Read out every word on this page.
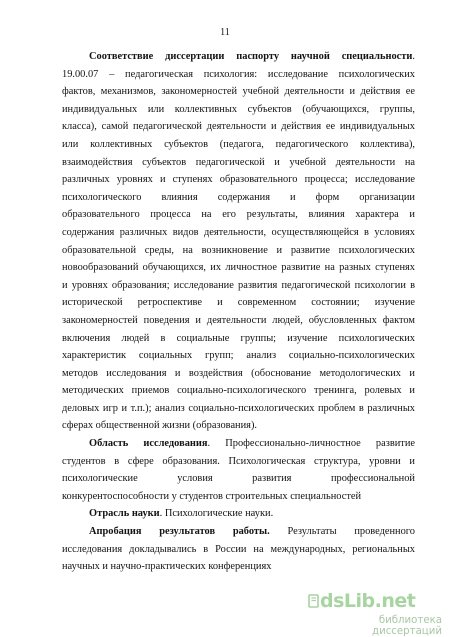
11
Соответствие диссертации паспорту научной специальности.
19.00.07 – педагогическая психология: исследование психологических
фактов, механизмов, закономерностей учебной деятельности и действия ее
индивидуальных или коллективных субъектов (обучающихся, группы,
класса), самой педагогической деятельности и действия ее индивидуальных
или коллективных субъектов (педагога, педагогического коллектива),
взаимодействия субъектов педагогической и учебной деятельности на
различных уровнях и ступенях образовательного процесса; исследование
психологического влияния содержания и форм организации
образовательного процесса на его результаты, влияния характера и
содержания различных видов деятельности, осуществляющейся в условиях
образовательной среды, на возникновение и развитие психологических
новообразований обучающихся, их личностное развитие на разных ступенях
и уровнях образования; исследование развития педагогической психологии в
исторической ретроспективе и современном состоянии; изучение
закономерностей поведения и деятельности людей, обусловленных фактом
включения людей в социальные группы; изучение психологических
характеристик социальных групп; анализ социально-психологических
методов исследования и воздействия (обоснование методологических и
методических приемов социально-психологического тренинга, ролевых и
деловых игр и т.п.); анализ социально-психологических проблем в различных
сферах общественной жизни (образования).
Область исследования. Профессионально-личностное развитие
студентов в сфере образования. Психологическая структура, уровни и
психологические условия развития профессиональной
конкурентоспособности у студентов строительных специальностей
Отрасль науки. Психологические науки.
Апробация результатов работы. Результаты проведенного
исследования докладывались в России на международных, региональных
научных и научно-практических конференциях
dsLib.net
библиотека диссертаций
